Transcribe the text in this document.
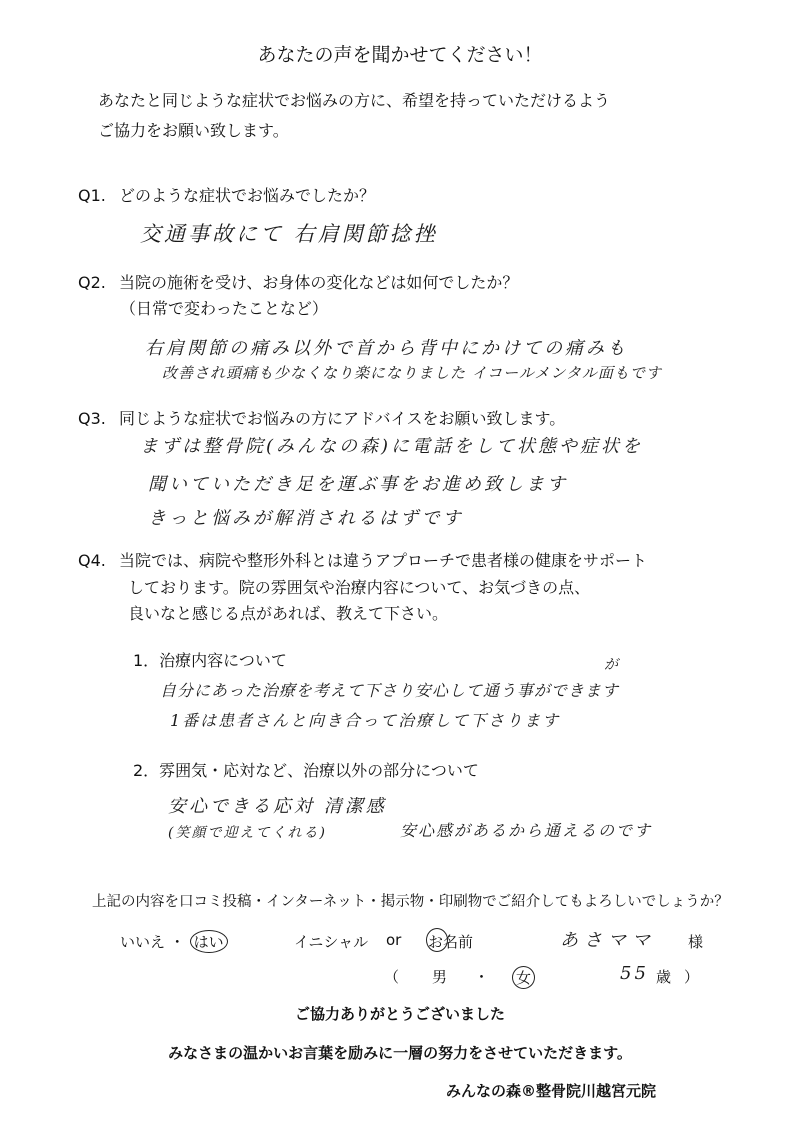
あなたの声を聞かせてください！
あなたと同じような症状でお悩みの方に、希望を持っていただけるよう
ご協力をお願い致します。
Q1. どのような症状でお悩みでしたか？
交通事故にて 右肩関節捻挫
Q2. 当院の施術を受け、お身体の変化などは如何でしたか？
（日常で変わったことなど）
右肩関節の痛み以外で首から背中にかけての痛みも
改善され頭痛も少なくなり楽になりました イコールメンタル面もです
Q3. 同じような症状でお悩みの方にアドバイスをお願い致します。
まずは整骨院(みんなの森)に電話をして状態や症状を
聞いていただき足を運ぶ事をお進め致します
きっと悩みが解消されるはずです
Q4. 当院では、病院や整形外科とは違うアプローチで患者様の健康をサポート
しております。院の雰囲気や治療内容について、お気づきの点、
良いなと感じる点があれば、教えて下さい。
1．治療内容について	が
自分にあった治療を考えて下さり安心して通う事ができます
1番は患者さんと向き合って治療して下さります
2．雰囲気・応対など、治療以外の部分について
安心できる応対 清潔感
(笑顔で迎えてくれる)	安心感があるから通えるのです
上記の内容を口コミ投稿・インターネット・掲示物・印刷物でご紹介してもよろしいでしょうか？
いいえ ・ はい	イニシャル or お名前	あさママ 様
（ 男 ・ 女	55 歳 ）
ご協力ありがとうございました
みなさまの温かいお言葉を励みに一層の努力をさせていただきます。
みんなの森®整骨院川越宮元院
